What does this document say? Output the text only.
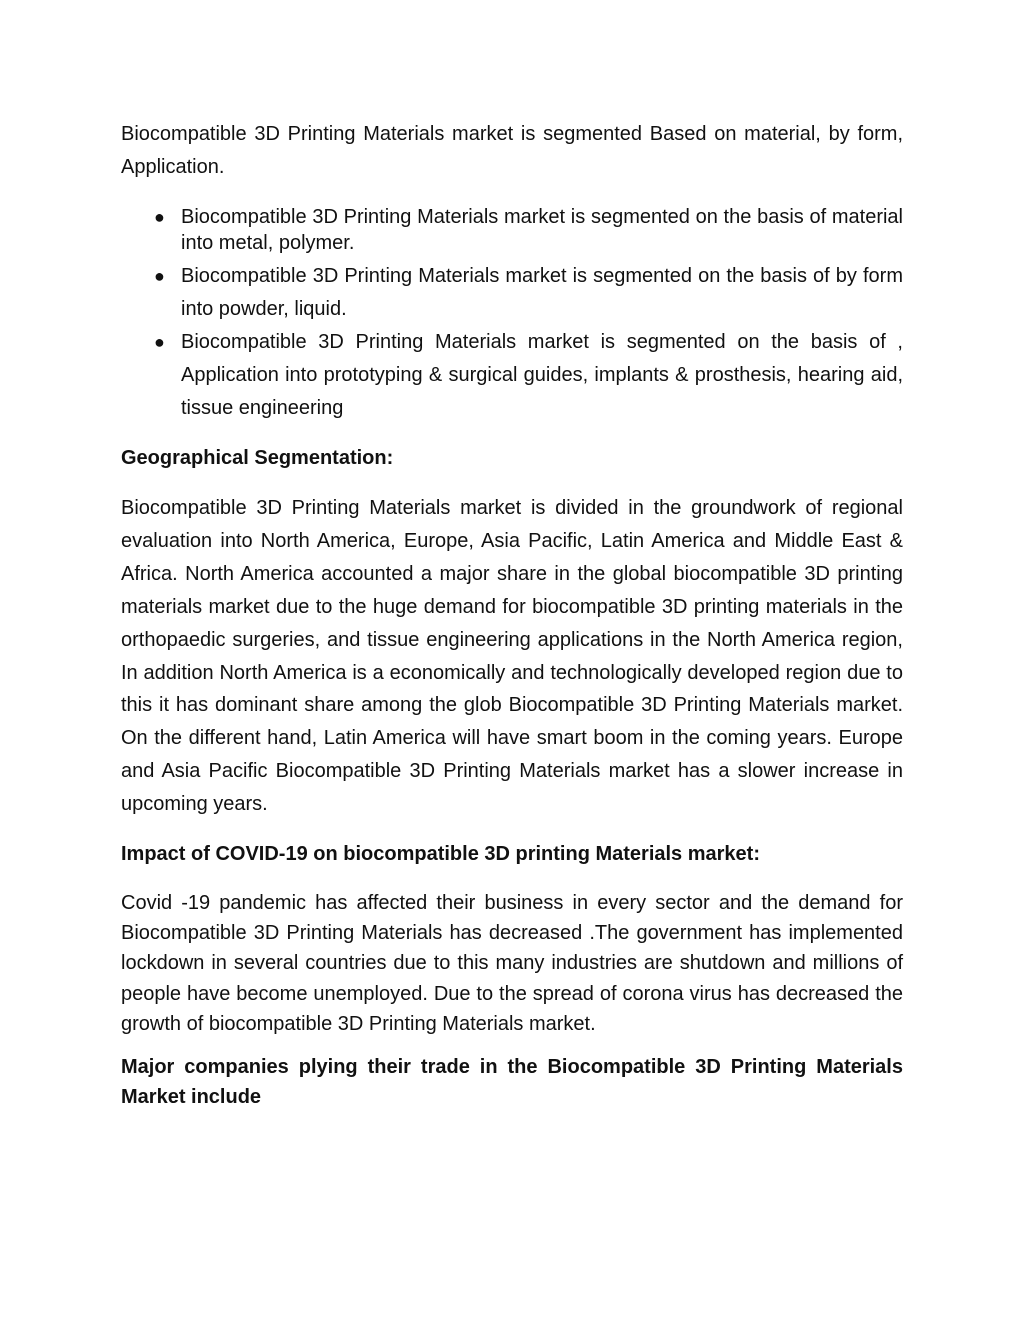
Biocompatible 3D Printing Materials market is segmented Based on material, by form, Application.

● Biocompatible 3D Printing Materials market is segmented on the basis of material into metal, polymer.
● Biocompatible 3D Printing Materials market is segmented on the basis of by form into powder, liquid.
● Biocompatible 3D Printing Materials market is segmented on the basis of , Application into prototyping & surgical guides, implants & prosthesis, hearing aid, tissue engineering

Geographical Segmentation:

Biocompatible 3D Printing Materials market is divided in the groundwork of regional evaluation into North America, Europe, Asia Pacific, Latin America and Middle East & Africa. North America accounted a major share in the global biocompatible 3D printing materials market due to the huge demand for biocompatible 3D printing materials in the orthopaedic surgeries, and tissue engineering applications in the North America region, In addition North America is a economically and technologically developed region due to this it has dominant share among the glob Biocompatible 3D Printing Materials market. On the different hand, Latin America will have smart boom in the coming years. Europe and Asia Pacific Biocompatible 3D Printing Materials market has a slower increase in upcoming years.

Impact of COVID-19 on biocompatible 3D printing Materials market:

Covid -19 pandemic has affected their business in every sector and the demand for Biocompatible 3D Printing Materials has decreased .The government has implemented lockdown in several countries due to this many industries are shutdown and millions of people have become unemployed. Due to the spread of corona virus has decreased the growth of biocompatible 3D Printing Materials market.

Major companies plying their trade in the Biocompatible 3D Printing Materials Market include
